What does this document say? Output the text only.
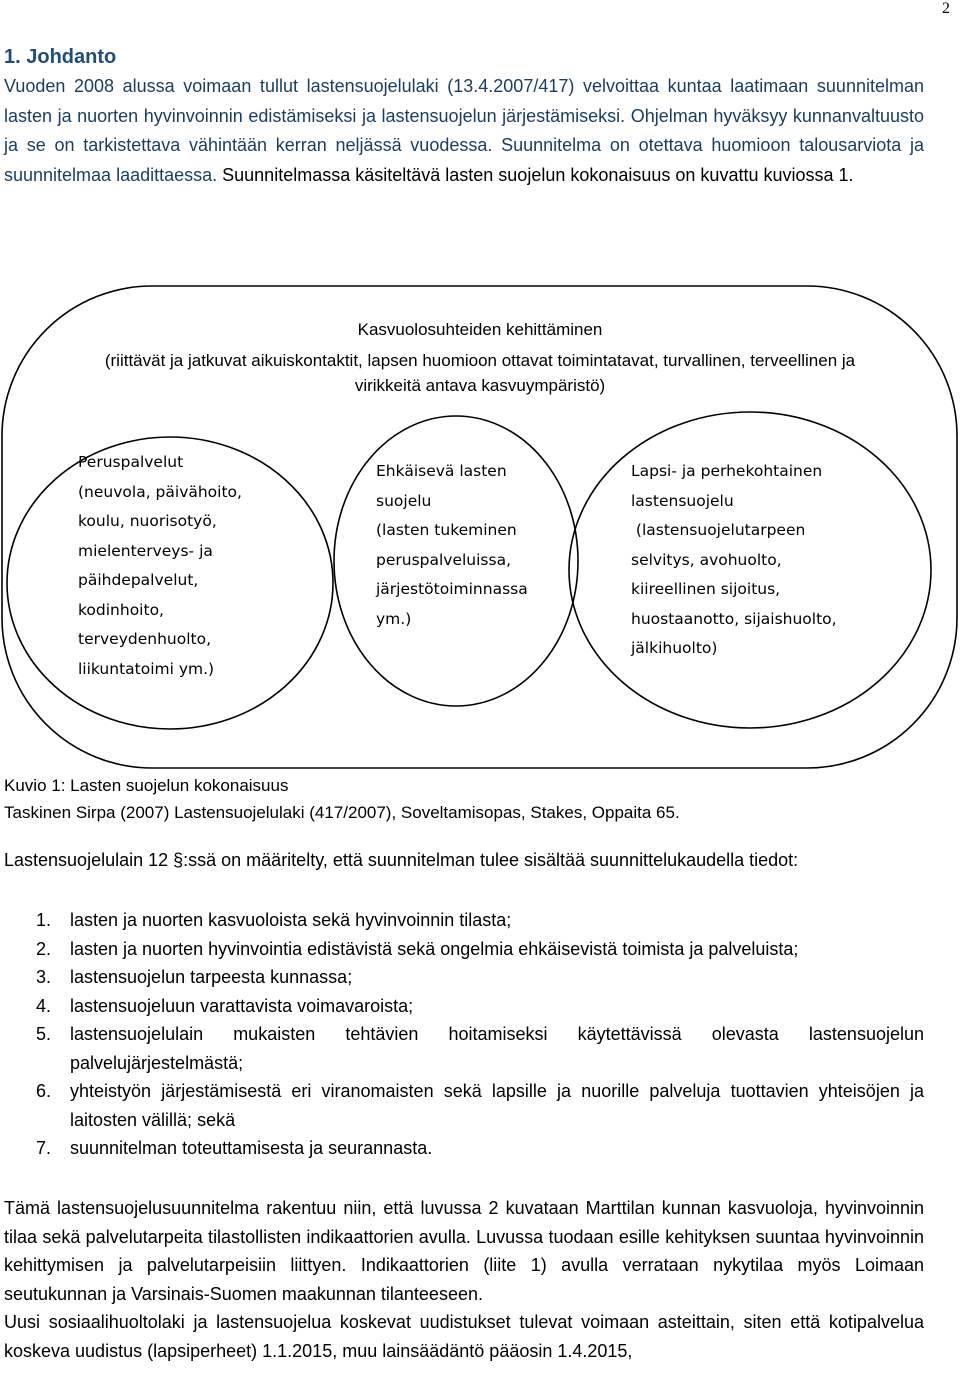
2
1. Johdanto
Vuoden 2008 alussa voimaan tullut lastensuojelulaki (13.4.2007/417) velvoittaa kuntaa laatimaan suunnitelman lasten ja nuorten hyvinvoinnin edistämiseksi ja lastensuojelun järjestämiseksi. Ohjelman hyväksyy kunnanvaltuusto ja se on tarkistettava vähintään kerran neljässä vuodessa. Suunnitelma on otettava huomioon talousarviota ja suunnitelmaa laadittaessa. Suunnitelmassa käsiteltävä lasten suojelun kokonaisuus on kuvattu kuviossa 1.
Kasvuolosuhteiden kehittäminen
(riittävät ja jatkuvat aikuiskontaktit, lapsen huomioon ottavat toimintatavat, turvallinen, terveellinen ja virikkeitä antava kasvuympäristö)
Peruspalvelut
(neuvola, päivähoito,
koulu, nuorisotyö,
mielenterveys- ja
päihdepalvelut,
kodinhoito,
terveydenhuolto,
liikuntatoimi ym.)
Ehkäisevä lasten
suojelu
(lasten tukeminen
peruspalveluissa,
järjestötoiminnassa
ym.)
Lapsi- ja perhekohtainen
lastensuojelu
(lastensuojelutarpeen
selvitys, avohuolto,
kiireellinen sijoitus,
huostaanotto, sijaishuolto,
jälkihuolto)
Kuvio 1: Lasten suojelun kokonaisuus
Taskinen Sirpa (2007) Lastensuojelulaki (417/2007), Soveltamisopas, Stakes, Oppaita 65.
Lastensuojelulain 12 §:ssä on määritelty, että suunnitelman tulee sisältää suunnittelukaudella tiedot:
1. lasten ja nuorten kasvuoloista sekä hyvinvoinnin tilasta;
2. lasten ja nuorten hyvinvointia edistävistä sekä ongelmia ehkäisevistä toimista ja palveluista;
3. lastensuojelun tarpeesta kunnassa;
4. lastensuojeluun varattavista voimavaroista;
5. lastensuojelulain mukaisten tehtävien hoitamiseksi käytettävissä olevasta lastensuojelun palvelujärjestelmästä;
6. yhteistyön järjestämisestä eri viranomaisten sekä lapsille ja nuorille palveluja tuottavien yhteisöjen ja laitosten välillä; sekä
7. suunnitelman toteuttamisesta ja seurannasta.

Tämä lastensuojelusuunnitelma rakentuu niin, että luvussa 2 kuvataan Marttilan kunnan kasvuoloja, hyvinvoinnin tilaa sekä palvelutarpeita tilastollisten indikaattorien avulla. Luvussa tuodaan esille kehityksen suuntaa hyvinvoinnin kehittymisen ja palvelutarpeisiin liittyen. Indikaattorien (liite 1) avulla verrataan nykytilaa myös Loimaan seutukunnan ja Varsinais-Suomen maakunnan tilanteeseen.

Uusi sosiaalihuoltolaki ja lastensuojelua koskevat uudistukset tulevat voimaan asteittain, siten että kotipalvelua koskeva uudistus (lapsiperheet) 1.1.2015, muu lainsäädäntö pääosin 1.4.2015,
